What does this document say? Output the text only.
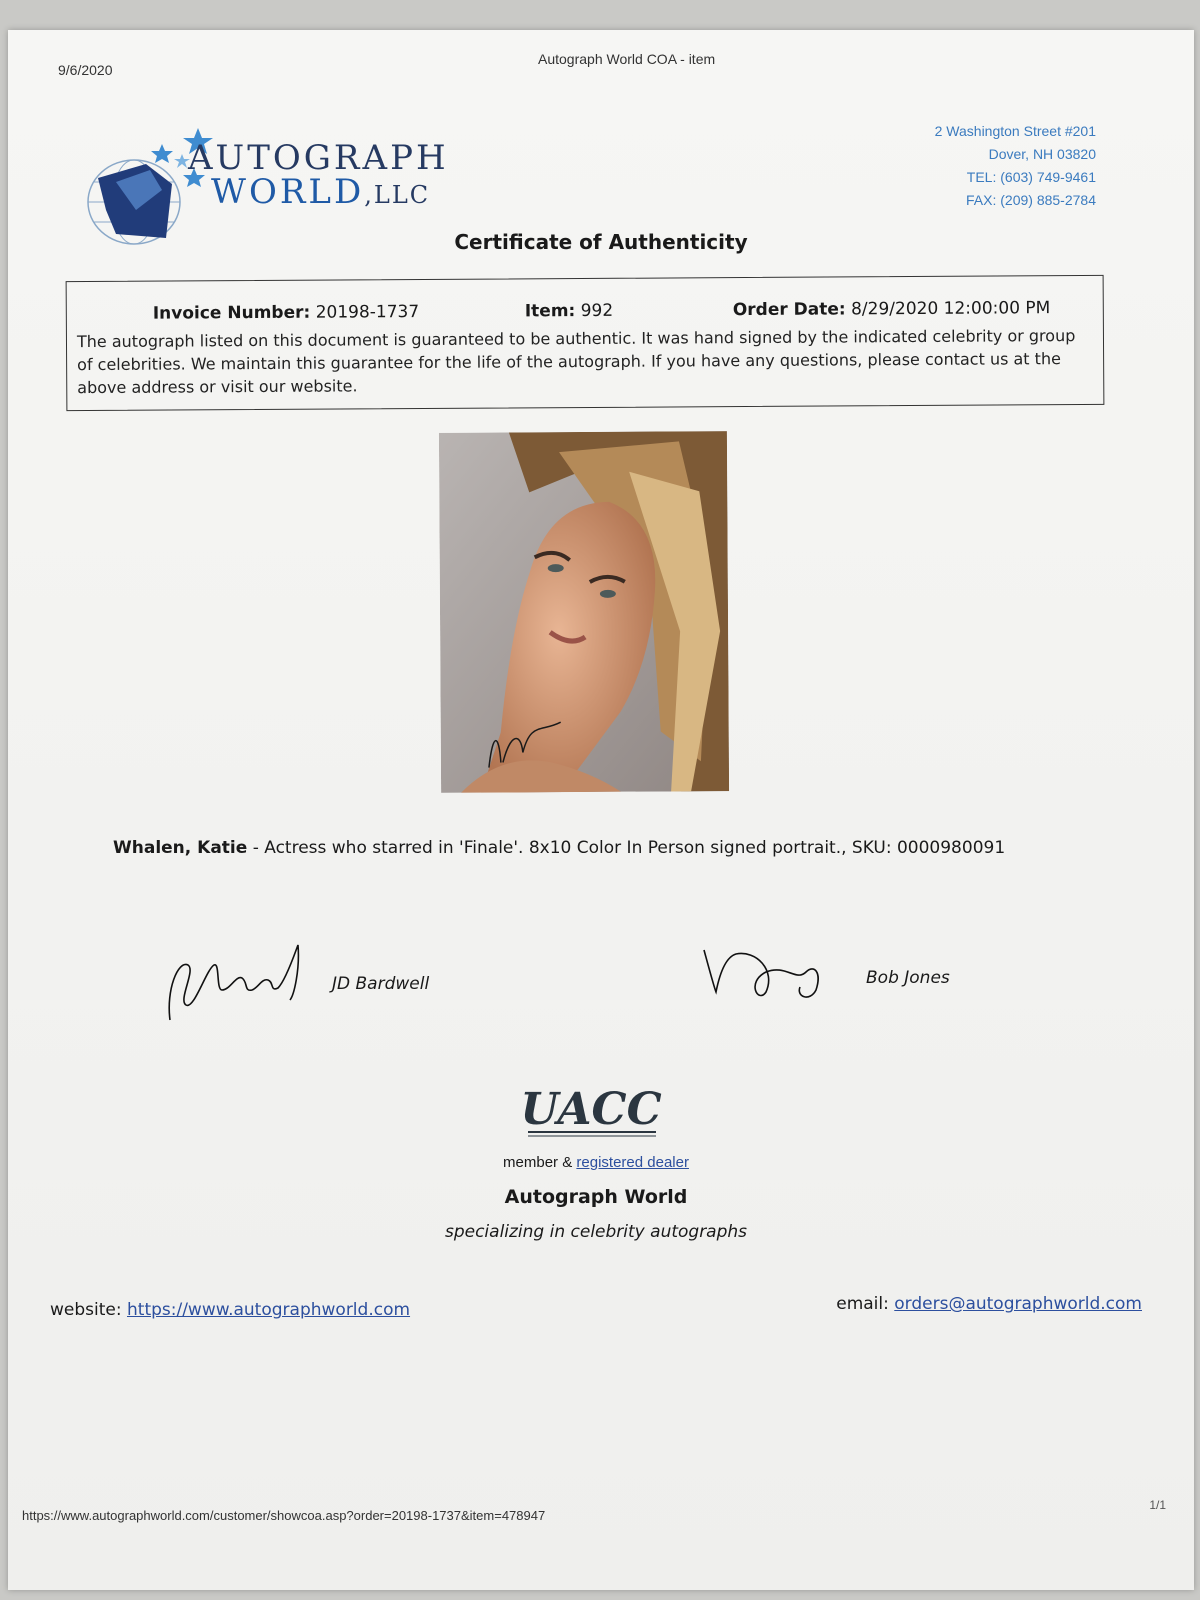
9/6/2020
Autograph World COA - item
AUTOGRAPH
WORLD,LLC
2 Washington Street #201
Dover, NH 03820
TEL: (603) 749-9461
FAX: (209) 885-2784
Certificate of Authenticity
Invoice Number: 20198-1737	Item: 992	Order Date: 8/29/2020 12:00:00 PM
The autograph listed on this document is guaranteed to be authentic. It was hand signed by the indicated celebrity or group of celebrities. We maintain this guarantee for the life of the autograph. If you have any questions, please contact us at the above address or visit our website.
Whalen, Katie - Actress who starred in 'Finale'. 8x10 Color In Person signed portrait., SKU: 0000980091
JD Bardwell	Bob Jones
UACC
member & registered dealer
Autograph World
specializing in celebrity autographs
website: https://www.autographworld.com	email: orders@autographworld.com
https://www.autographworld.com/customer/showcoa.asp?order=20198-1737&item=478947
1/1
